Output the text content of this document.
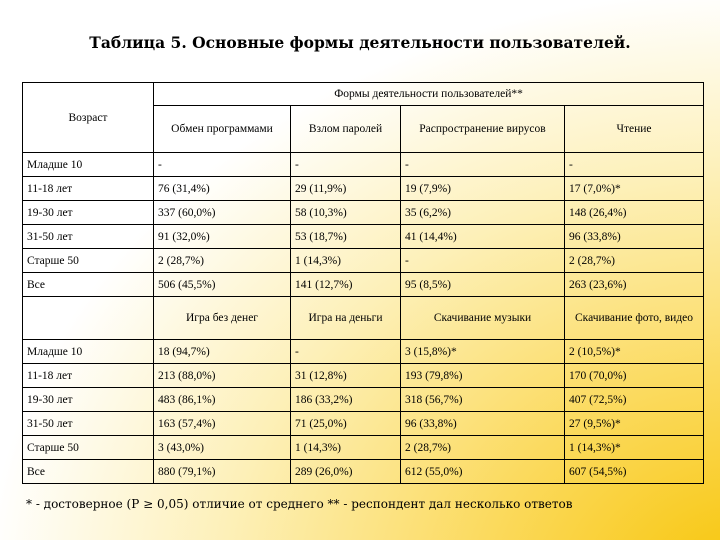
Таблица 5. Основные формы деятельности пользователей.
Возраст	Формы деятельности пользователей**			
	Обмен программами	Взлом паролей	Распространение вирусов	Чтение
Младше 10	-	-	-	-
11-18 лет	76 (31,4%)	29 (11,9%)	19 (7,9%)	17 (7,0%)*
19-30 лет	337 (60,0%)	58 (10,3%)	35 (6,2%)	148 (26,4%)
31-50 лет	91 (32,0%)	53 (18,7%)	41 (14,4%)	96 (33,8%)
Старше 50	2 (28,7%)	1 (14,3%)	-	2 (28,7%)
Все	506 (45,5%)	141 (12,7%)	95 (8,5%)	263 (23,6%)
	Игра без денег	Игра на деньги	Скачивание музыки	Скачивание фото, видео
Младше 10	18 (94,7%)	-	3 (15,8%)*	2 (10,5%)*
11-18 лет	213 (88,0%)	31 (12,8%)	193 (79,8%)	170 (70,0%)
19-30 лет	483 (86,1%)	186 (33,2%)	318 (56,7%)	407 (72,5%)
31-50 лет	163 (57,4%)	71 (25,0%)	96 (33,8%)	27 (9,5%)*
Старше 50	3 (43,0%)	1 (14,3%)	2 (28,7%)	1 (14,3%)*
Все	880 (79,1%)	289 (26,0%)	612 (55,0%)	607 (54,5%)
* - достоверное (P ≥ 0,05) отличие от среднего ** - респондент дал несколько ответов
